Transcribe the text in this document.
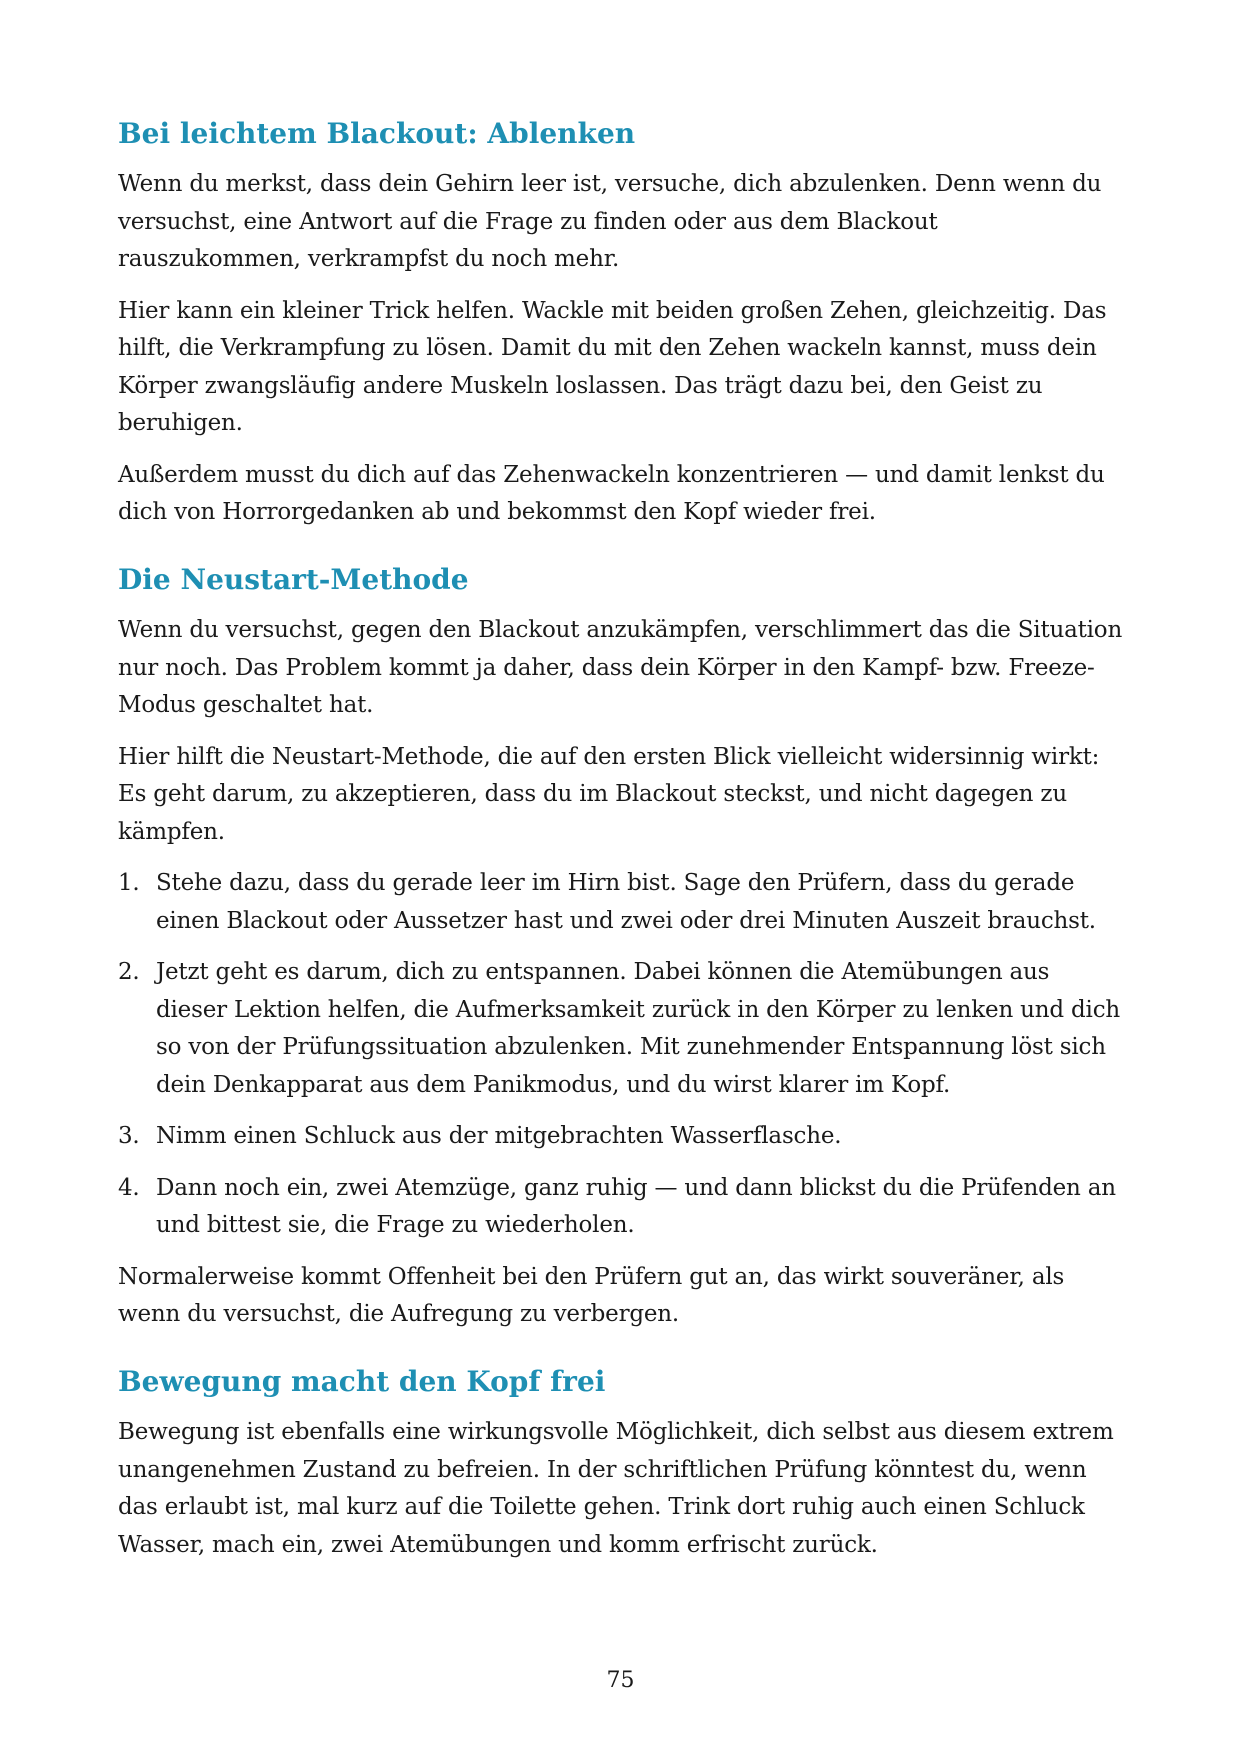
Bei leichtem Blackout: Ablenken

Wenn du merkst, dass dein Gehirn leer ist, versuche, dich abzulenken. Denn wenn du versuchst, eine Antwort auf die Frage zu finden oder aus dem Blackout rauszukommen, verkrampfst du noch mehr.

Hier kann ein kleiner Trick helfen. Wackle mit beiden großen Zehen, gleichzeitig. Das hilft, die Verkrampfung zu lösen. Damit du mit den Zehen wackeln kannst, muss dein Körper zwangsläufig andere Muskeln loslassen. Das trägt dazu bei, den Geist zu beruhigen.

Außerdem musst du dich auf das Zehenwackeln konzentrieren — und damit lenkst du dich von Horrorgedanken ab und bekommst den Kopf wieder frei.

Die Neustart-Methode

Wenn du versuchst, gegen den Blackout anzukämpfen, verschlimmert das die Situation nur noch. Das Problem kommt ja daher, dass dein Körper in den Kampf- bzw. Freeze-Modus geschaltet hat.

Hier hilft die Neustart-Methode, die auf den ersten Blick vielleicht widersinnig wirkt: Es geht darum, zu akzeptieren, dass du im Blackout steckst, und nicht dagegen zu kämpfen.

1. Stehe dazu, dass du gerade leer im Hirn bist. Sage den Prüfern, dass du gerade einen Blackout oder Aussetzer hast und zwei oder drei Minuten Auszeit brauchst.
2. Jetzt geht es darum, dich zu entspannen. Dabei können die Atemübungen aus dieser Lektion helfen, die Aufmerksamkeit zurück in den Körper zu lenken und dich so von der Prüfungssituation abzulenken. Mit zunehmender Entspannung löst sich dein Denkapparat aus dem Panikmodus, und du wirst klarer im Kopf.
3. Nimm einen Schluck aus der mitgebrachten Wasserflasche.
4. Dann noch ein, zwei Atemzüge, ganz ruhig — und dann blickst du die Prüfenden an und bittest sie, die Frage zu wiederholen.

Normalerweise kommt Offenheit bei den Prüfern gut an, das wirkt souveräner, als wenn du versuchst, die Aufregung zu verbergen.

Bewegung macht den Kopf frei

Bewegung ist ebenfalls eine wirkungsvolle Möglichkeit, dich selbst aus diesem extrem unangenehmen Zustand zu befreien. In der schriftlichen Prüfung könntest du, wenn das erlaubt ist, mal kurz auf die Toilette gehen. Trink dort ruhig auch einen Schluck Wasser, mach ein, zwei Atemübungen und komm erfrischt zurück.

75
